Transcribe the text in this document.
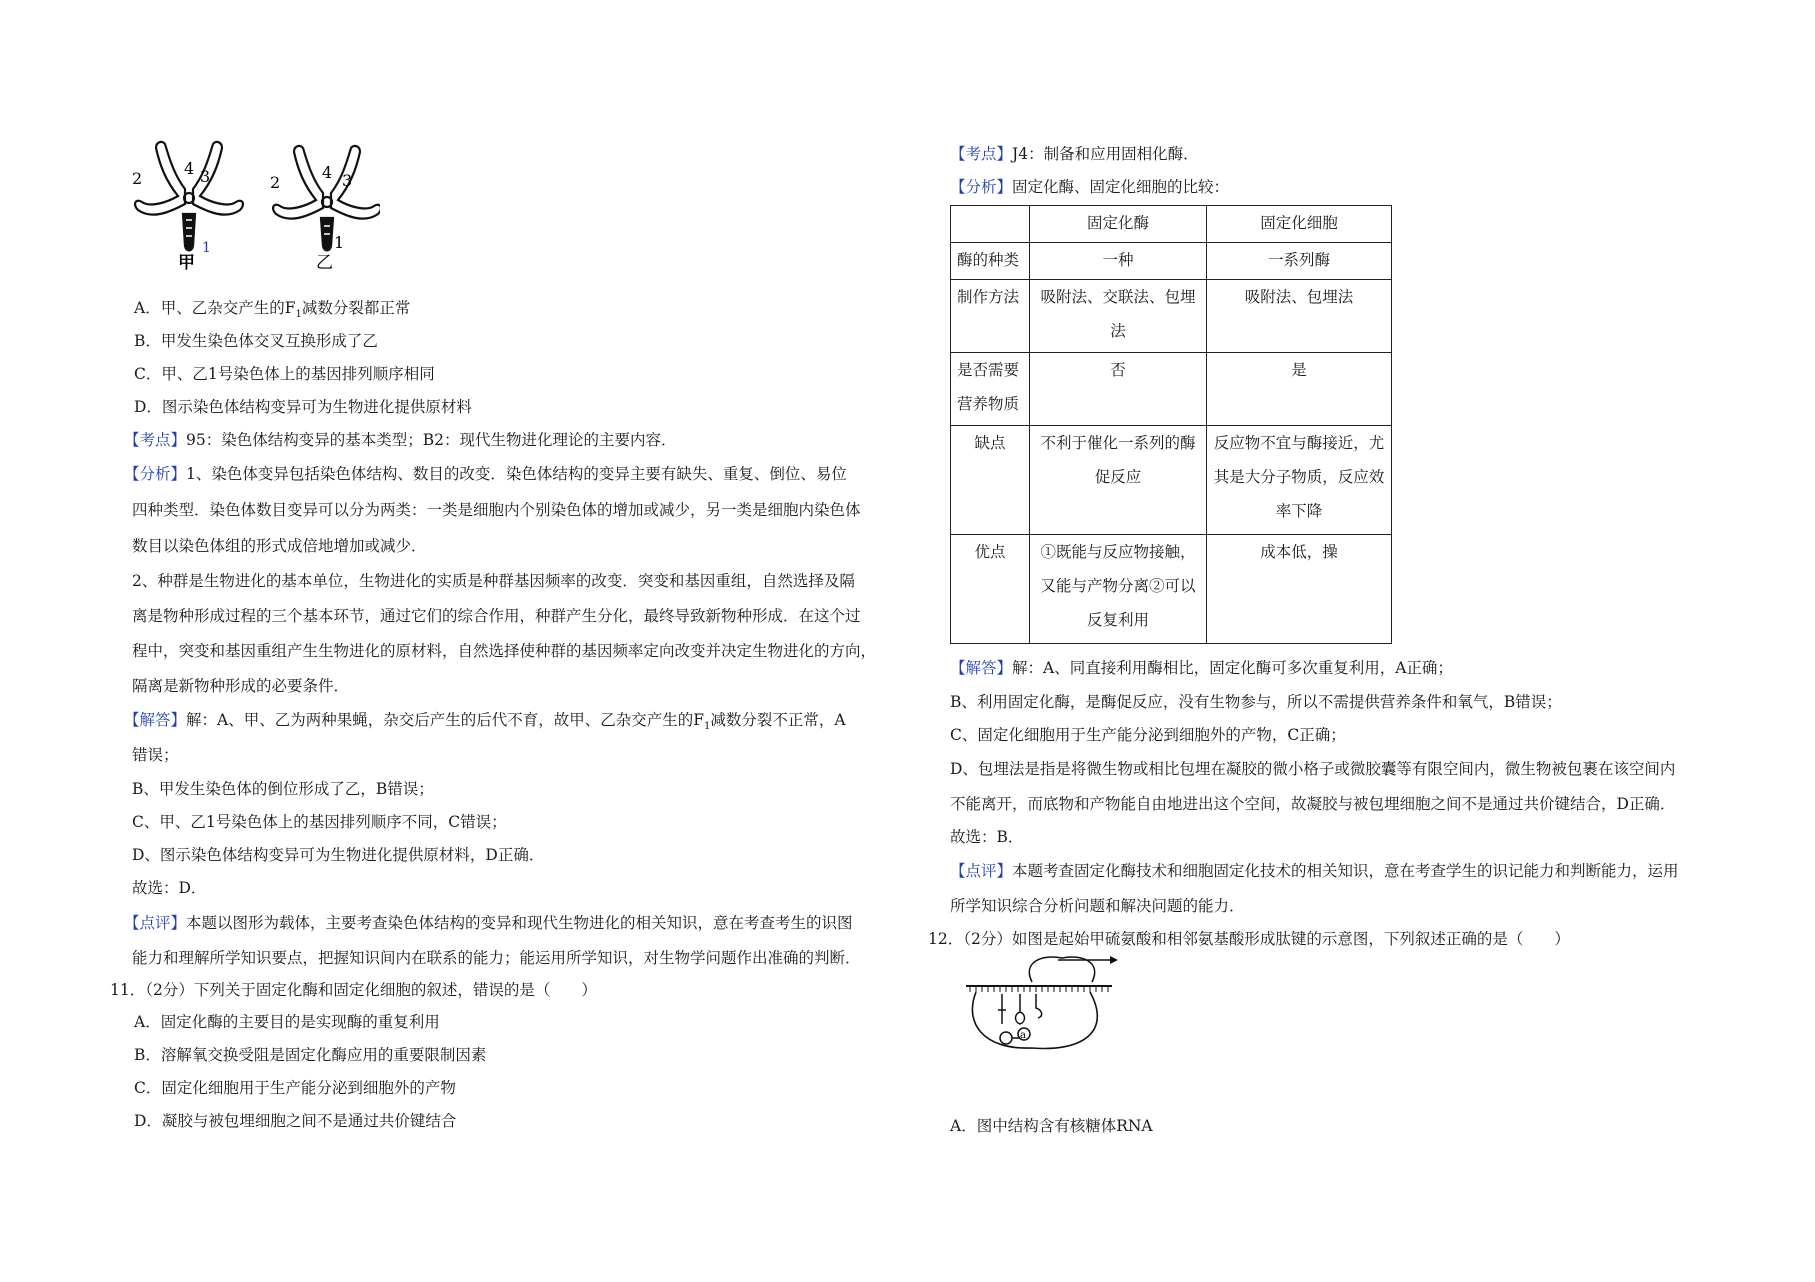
2
4 3
1
甲
2
4 3
1
乙
A．甲、乙杂交产生的$F_1$减数分裂都正常
B．甲发生染色体交叉互换形成了乙
C．甲、乙1号染色体上的基因排列顺序相同
D．图示染色体结构变异可为生物进化提供原材料
【考点】95：染色体结构变异的基本类型；B2：现代生物进化理论的主要内容．
【分析】1、染色体变异包括染色体结构、数目的改变．染色体结构的变异主要有缺失、重复、倒位、易位
四种类型．染色体数目变异可以分为两类：一类是细胞内个别染色体的增加或减少，另一类是细胞内染色体
数目以染色体组的形式成倍地增加或减少．
2、种群是生物进化的基本单位，生物进化的实质是种群基因频率的改变．突变和基因重组，自然选择及隔
离是物种形成过程的三个基本环节，通过它们的综合作用，种群产生分化，最终导致新物种形成．在这个过
程中，突变和基因重组产生生物进化的原材料，自然选择使种群的基因频率定向改变并决定生物进化的方向，
隔离是新物种形成的必要条件．
【解答】解：A、甲、乙为两种果蝇，杂交后产生的后代不育，故甲、乙杂交产生的$F_1$减数分裂不正常，A
错误；
B、甲发生染色体的倒位形成了乙，B错误；
C、甲、乙1号染色体上的基因排列顺序不同，C错误；
D、图示染色体结构变异可为生物进化提供原材料，D正确．
故选：D．
【点评】本题以图形为载体，主要考查染色体结构的变异和现代生物进化的相关知识，意在考查考生的识图
能力和理解所学知识要点，把握知识间内在联系的能力；能运用所学知识，对生物学问题作出准确的判断．
11．（2分）下列关于固定化酶和固定化细胞的叙述，错误的是（　　）
A．固定化酶的主要目的是实现酶的重复利用
B．溶解氧交换受阻是固定化酶应用的重要限制因素
C．固定化细胞用于生产能分泌到细胞外的产物
D．凝胶与被包埋细胞之间不是通过共价键结合
【考点】J4：制备和应用固相化酶．
【分析】固定化酶、固定化细胞的比较：
	固定化酶	固定化细胞
酶的种类	一种	一系列酶
制作方法	吸附法、交联法、包埋法	吸附法、包埋法
是否需要营养物质	否	是
缺点	不利于催化一系列的酶促反应	反应物不宜与酶接近，尤其是大分子物质，反应效率下降
优点	①既能与反应物接触，又能与产物分离②可以反复利用	成本低，操
【解答】解：A、同直接利用酶相比，固定化酶可多次重复利用，A正确；
B、利用固定化酶，是酶促反应，没有生物参与，所以不需提供营养条件和氧气，B错误；
C、固定化细胞用于生产能分泌到细胞外的产物，C正确；
D、包埋法是指是将微生物或相比包埋在凝胶的微小格子或微胶囊等有限空间内，微生物被包裹在该空间内
不能离开，而底物和产物能自由地进出这个空间，故凝胶与被包埋细胞之间不是通过共价键结合，D正确．
故选：B．
【点评】本题考查固定化酶技术和细胞固定化技术的相关知识，意在考查学生的识记能力和判断能力，运用
所学知识综合分析问题和解决问题的能力．
12．（2分）如图是起始甲硫氨酸和相邻氨基酸形成肽键的示意图，下列叙述正确的是（　　）
a
A．图中结构含有核糖体RNA
